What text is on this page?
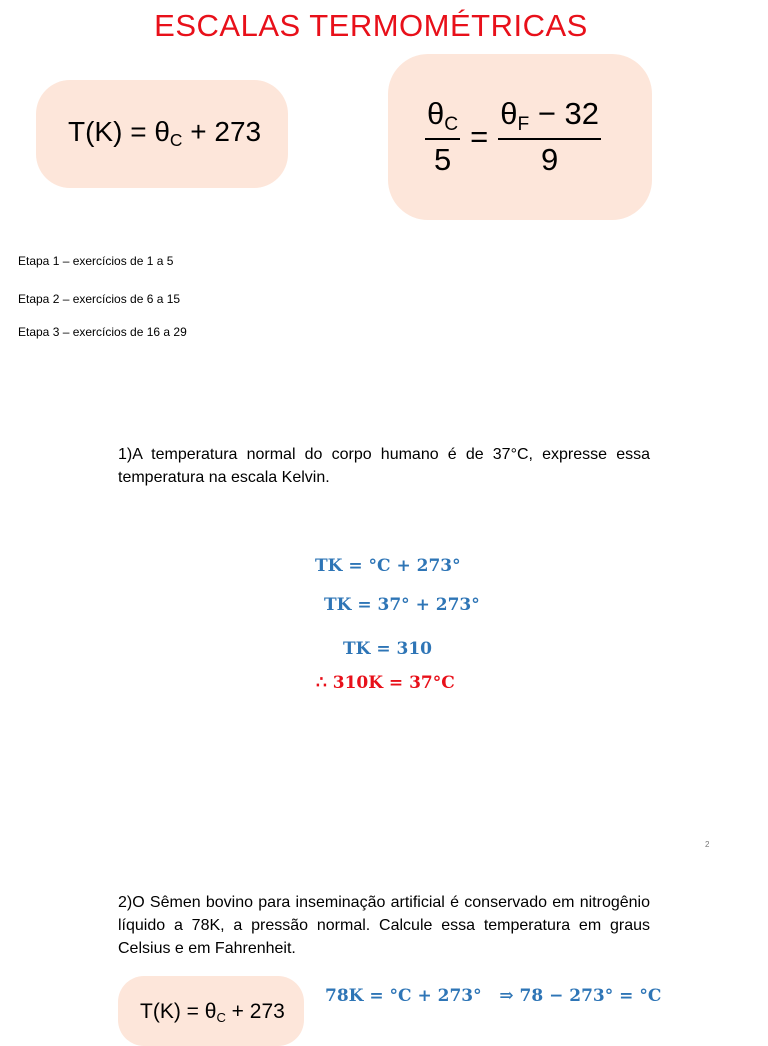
ESCALAS TERMOMÉTRICAS
$T(K) = \theta_C + 273$	$\frac{\theta_C}{5} = \frac{\theta_F - 32}{9}$
Etapa 1 – exercícios de 1 a 5
Etapa 2 – exercícios de 6 a 15
Etapa 3 – exercícios de 16 a 29
1)A temperatura normal do corpo humano é de 37°C, expresse essa temperatura na escala Kelvin.
TK = °C + 273°
TK = 37° + 273°
TK = 310
∴ 310K = 37°C
2
2)O Sêmen bovino para inseminação artificial é conservado em nitrogênio líquido a 78K, a pressão normal. Calcule essa temperatura em graus Celsius e em Fahrenheit.
$T(K) = \theta_C + 273$
78K = °C + 273°   ⇒ 78 − 273° = °C
